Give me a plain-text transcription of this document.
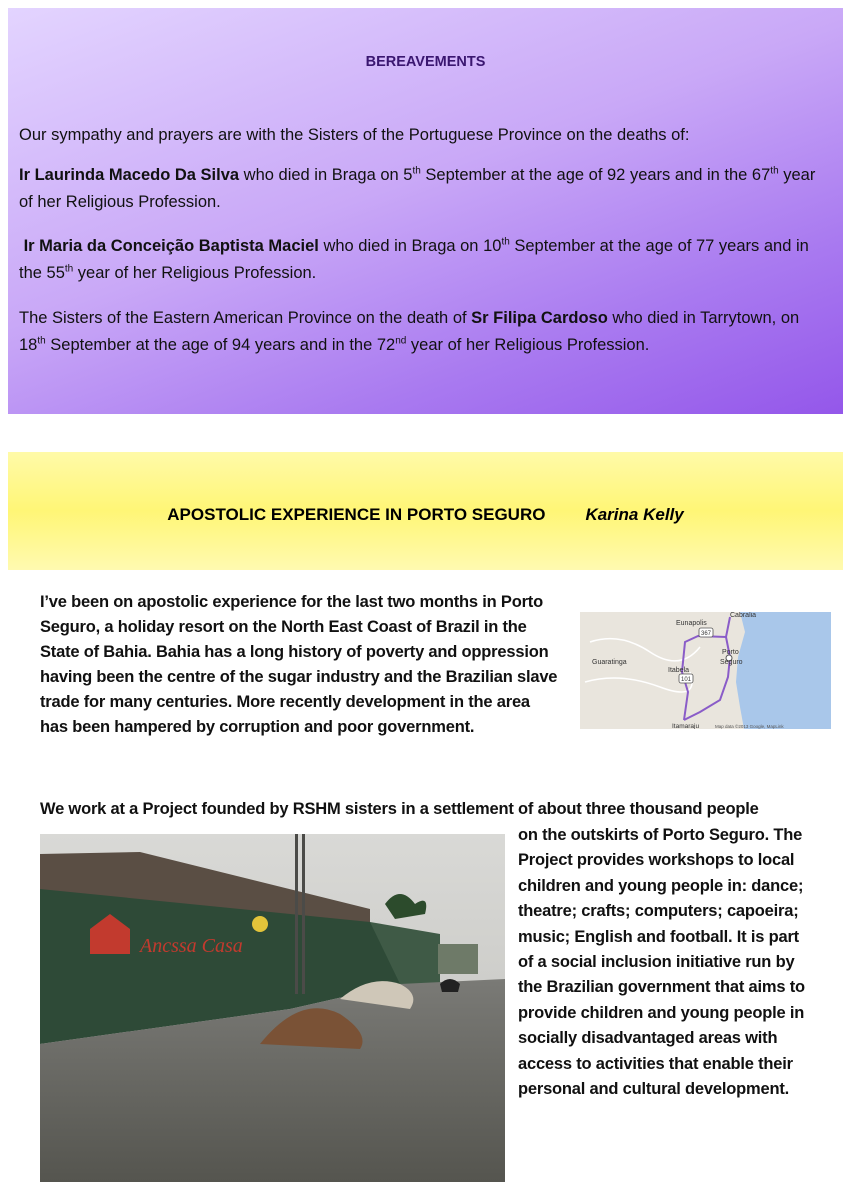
BEREAVEMENTS

Our sympathy and prayers are with the Sisters of the Portuguese Province on the deaths of:

Ir Laurinda Macedo Da Silva who died in Braga on 5th September at the age of 92 years and in the 67th year of her Religious Profession.

Ir Maria da Conceição Baptista Maciel who died in Braga on 10th September at the age of 77 years and in the 55th year of her Religious Profession.

The Sisters of the Eastern American Province on the death of Sr Filipa Cardoso who died in Tarrytown, on 18th September at the age of 94 years and in the 72nd year of her Religious Profession.

APOSTOLIC EXPERIENCE IN PORTO SEGURO Karina Kelly

I’ve been on apostolic experience for the last two months in Porto Seguro, a holiday resort on the North East Coast of Brazil in the State of Bahia. Bahia has a long history of poverty and oppression having been the centre of the sugar industry and the Brazilian slave trade for many centuries. More recently development in the area has been hampered by corruption and poor government.

367
101
Cabralia
Eunapolis
Porto
Seguro
Guaratinga
Itabela
Itamaraju	Map data ©2013 Google, MapLink

We work at a Project founded by RSHM sisters in a settlement of about three thousand people

Ancssa Casa

on the outskirts of Porto Seguro. The Project provides workshops to local children and young people in: dance; theatre; crafts; computers; capoeira; music; English and football. It is part of a social inclusion initiative run by the Brazilian government that aims to provide children and young people in socially disadvantaged areas with access to activities that enable their personal and cultural development.
